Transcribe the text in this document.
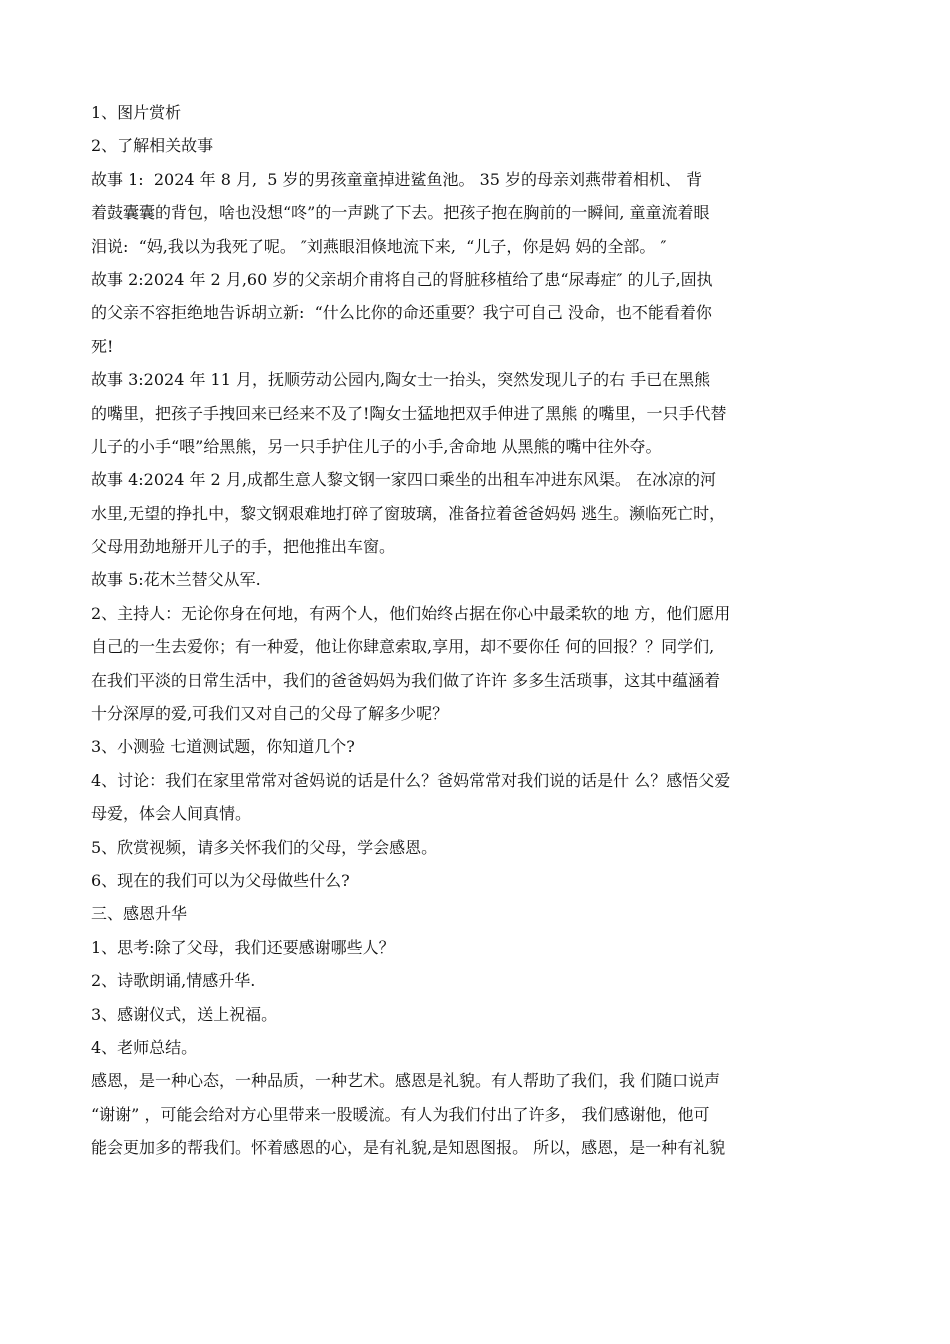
1、图片赏析
2、了解相关故事
故事 1:  2024 年 8 月,  5 岁的男孩童童掉进鲨鱼池。 35 岁的母亲刘燕带着相机、 背
着鼓囊囊的背包，啥也没想“咚”的一声跳了下去。把孩子抱在胸前的一瞬间, 童童流着眼
泪说:  “妈,我以为我死了呢。 ″刘燕眼泪倏地流下来,  “儿子，你是妈 妈的全部。 ″
故事 2:2024 年 2 月,60 岁的父亲胡介甫将自己的肾脏移植给了患“尿毒症″ 的儿子,固执
的父亲不容拒绝地告诉胡立新:  “什么比你的命还重要？我宁可自己 没命，也不能看着你
死!
故事 3:2024 年 11 月，抚顺劳动公园内,陶女士一抬头，突然发现儿子的右 手已在黑熊
的嘴里，把孩子手拽回来已经来不及了!陶女士猛地把双手伸进了黑熊 的嘴里，一只手代替
儿子的小手“喂”给黑熊，另一只手护住儿子的小手,舍命地 从黑熊的嘴中往外夺。
故事 4:2024 年 2 月,成都生意人黎文钢一家四口乘坐的出租车冲进东风渠。 在冰凉的河
水里,无望的挣扎中，黎文钢艰难地打碎了窗玻璃，准备拉着爸爸妈妈 逃生。濒临死亡时，
父母用劲地掰开儿子的手，把他推出车窗。
故事 5:花木兰替父从军.
2、主持人：无论你身在何地，有两个人，他们始终占据在你心中最柔软的地 方，他们愿用
自己的一生去爱你；有一种爱，他让你肆意索取,享用，却不要你任 何的回报？？同学们,
在我们平淡的日常生活中，我们的爸爸妈妈为我们做了许许 多多生活琐事，这其中蕴涵着
十分深厚的爱,可我们又对自己的父母了解多少呢？
3、小测验 七道测试题，你知道几个?
4、讨论：我们在家里常常对爸妈说的话是什么？爸妈常常对我们说的话是什 么？感悟父爱
母爱，体会人间真情。
5、欣赏视频，请多关怀我们的父母，学会感恩。
6、现在的我们可以为父母做些什么?
三、感恩升华
1、思考:除了父母，我们还要感谢哪些人？
2、诗歌朗诵,情感升华.
3、感谢仪式，送上祝福。
4、老师总结。
感恩，是一种心态，一种品质，一种艺术。感恩是礼貌。有人帮助了我们，我 们随口说声
“谢谢” ，可能会给对方心里带来一股暖流。有人为我们付出了许多， 我们感谢他，他可
能会更加多的帮我们。怀着感恩的心，是有礼貌,是知恩图报。 所以，感恩，是一种有礼貌
